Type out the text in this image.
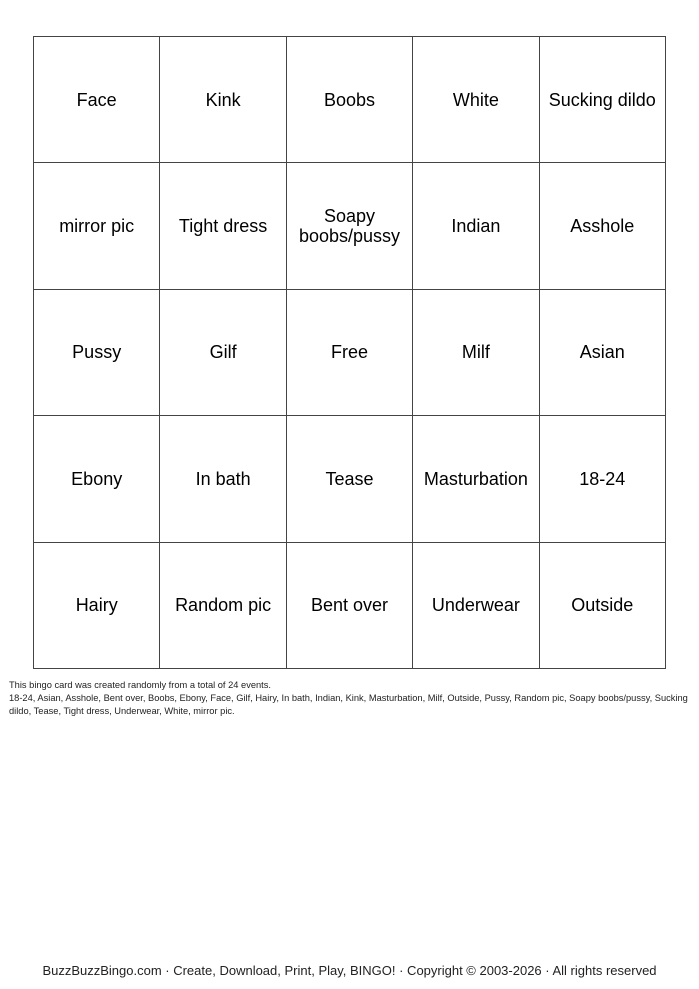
Face	Kink	Boobs	White	Sucking dildo
mirror pic	Tight dress	Soapy boobs/pussy	Indian	Asshole
Pussy	Gilf	Free	Milf	Asian
Ebony	In bath	Tease	Masturbation	18-24
Hairy	Random pic	Bent over	Underwear	Outside

This bingo card was created randomly from a total of 24 events.

18-24, Asian, Asshole, Bent over, Boobs, Ebony, Face, Gilf, Hairy, In bath, Indian, Kink, Masturbation, Milf, Outside, Pussy, Random pic, Soapy boobs/pussy, Sucking dildo, Tease, Tight dress, Underwear, White, mirror pic.

BuzzBuzzBingo.com · Create, Download, Print, Play, BINGO! · Copyright © 2003-2026 · All rights reserved
